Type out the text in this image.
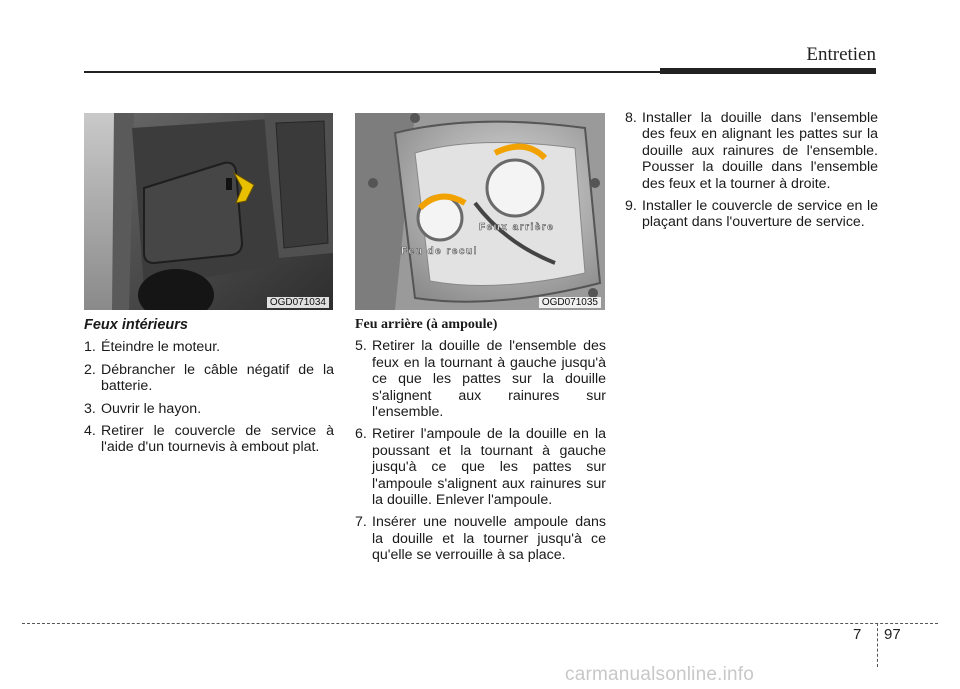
Entretien
OGD071034
Feux arrière
Feu de recul
OGD071035
Feux intérieurs
1. Éteindre le moteur.
2. Débrancher le câble négatif de la batterie.
3. Ouvrir le hayon.
4. Retirer le couvercle de service à l'aide d'un tournevis à embout plat.
Feu arrière (à ampoule)
5. Retirer la douille de l'ensemble des feux en la tournant à gauche jusqu'à ce que les pattes sur la douille s'alignent aux rainures sur l'ensemble.
6. Retirer l'ampoule de la douille en la poussant et la tournant à gauche jusqu'à ce que les pattes sur l'ampoule s'alignent aux rainures sur la douille. Enlever l'ampoule.
7. Insérer une nouvelle ampoule dans la douille et la tourner jusqu'à ce qu'elle se verrouille à sa place.
8. Installer la douille dans l'ensemble des feux en alignant les pattes sur la douille aux rainures de l'ensemble. Pousser la douille dans l'ensemble des feux et la tourner à droite.
9. Installer le couvercle de service en le plaçant dans l'ouverture de service.
7 97
carmanualsonline.info
